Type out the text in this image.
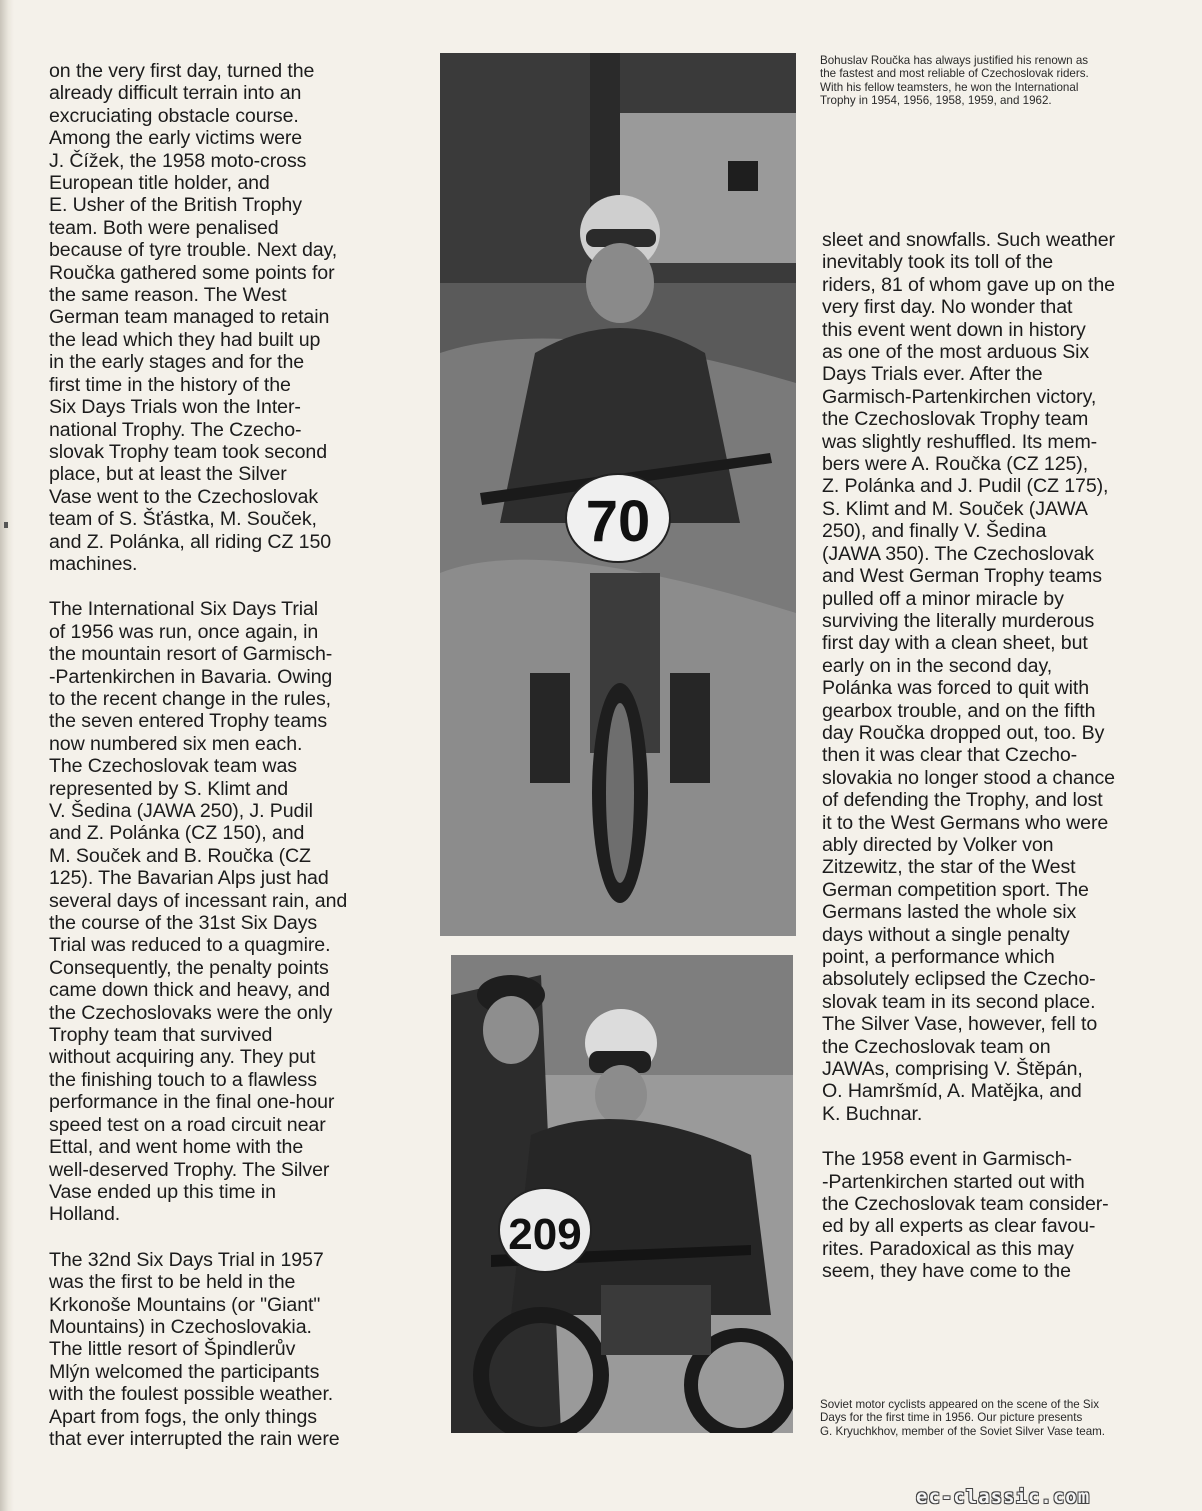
on the very first day, turned the
already difficult terrain into an
excruciating obstacle course.
Among the early victims were
J. Čížek, the 1958 moto-cross
European title holder, and
E. Usher of the British Trophy
team. Both were penalised
because of tyre trouble. Next day,
Roučka gathered some points for
the same reason. The West
German team managed to retain
the lead which they had built up
in the early stages and for the
first time in the history of the
Six Days Trials won the Inter-
national Trophy. The Czecho-
slovak Trophy team took second
place, but at least the Silver
Vase went to the Czechoslovak
team of S. Šťástka, M. Souček,
and Z. Polánka, all riding CZ 150
machines.
The International Six Days Trial
of 1956 was run, once again, in
the mountain resort of Garmisch-
-Partenkirchen in Bavaria. Owing
to the recent change in the rules,
the seven entered Trophy teams
now numbered six men each.
The Czechoslovak team was
represented by S. Klimt and
V. Šedina (JAWA 250), J. Pudil
and Z. Polánka (CZ 150), and
M. Souček and B. Roučka (CZ
125). The Bavarian Alps just had
several days of incessant rain, and
the course of the 31st Six Days
Trial was reduced to a quagmire.
Consequently, the penalty points
came down thick and heavy, and
the Czechoslovaks were the only
Trophy team that survived
without acquiring any. They put
the finishing touch to a flawless
performance in the final one-hour
speed test on a road circuit near
Ettal, and went home with the
well-deserved Trophy. The Silver
Vase ended up this time in
Holland.
The 32nd Six Days Trial in 1957
was the first to be held in the
Krkonoše Mountains (or "Giant"
Mountains) in Czechoslovakia.
The little resort of Špindlerův
Mlýn welcomed the participants
with the foulest possible weather.
Apart from fogs, the only things
that ever interrupted the rain were
70
209
Bohuslav Roučka has always justified his renown as
the fastest and most reliable of Czechoslovak riders.
With his fellow teamsters, he won the International
Trophy in 1954, 1956, 1958, 1959, and 1962.
sleet and snowfalls. Such weather
inevitably took its toll of the
riders, 81 of whom gave up on the
very first day. No wonder that
this event went down in history
as one of the most arduous Six
Days Trials ever. After the
Garmisch-Partenkirchen victory,
the Czechoslovak Trophy team
was slightly reshuffled. Its mem-
bers were A. Roučka (CZ 125),
Z. Polánka and J. Pudil (CZ 175),
S. Klimt and M. Souček (JAWA
250), and finally V. Šedina
(JAWA 350). The Czechoslovak
and West German Trophy teams
pulled off a minor miracle by
surviving the literally murderous
first day with a clean sheet, but
early on in the second day,
Polánka was forced to quit with
gearbox trouble, and on the fifth
day Roučka dropped out, too. By
then it was clear that Czecho-
slovakia no longer stood a chance
of defending the Trophy, and lost
it to the West Germans who were
ably directed by Volker von
Zitzewitz, the star of the West
German competition sport. The
Germans lasted the whole six
days without a single penalty
point, a performance which
absolutely eclipsed the Czecho-
slovak team in its second place.
The Silver Vase, however, fell to
the Czechoslovak team on
JAWAs, comprising V. Štěpán,
O. Hamršmíd, A. Matějka, and
K. Buchnar.
The 1958 event in Garmisch-
-Partenkirchen started out with
the Czechoslovak team consider-
ed by all experts as clear favou-
rites. Paradoxical as this may
seem, they have come to the
Soviet motor cyclists appeared on the scene of the Six
Days for the first time in 1956. Our picture presents
G. Kryuchkhov, member of the Soviet Silver Vase team.
ec-classic.com
